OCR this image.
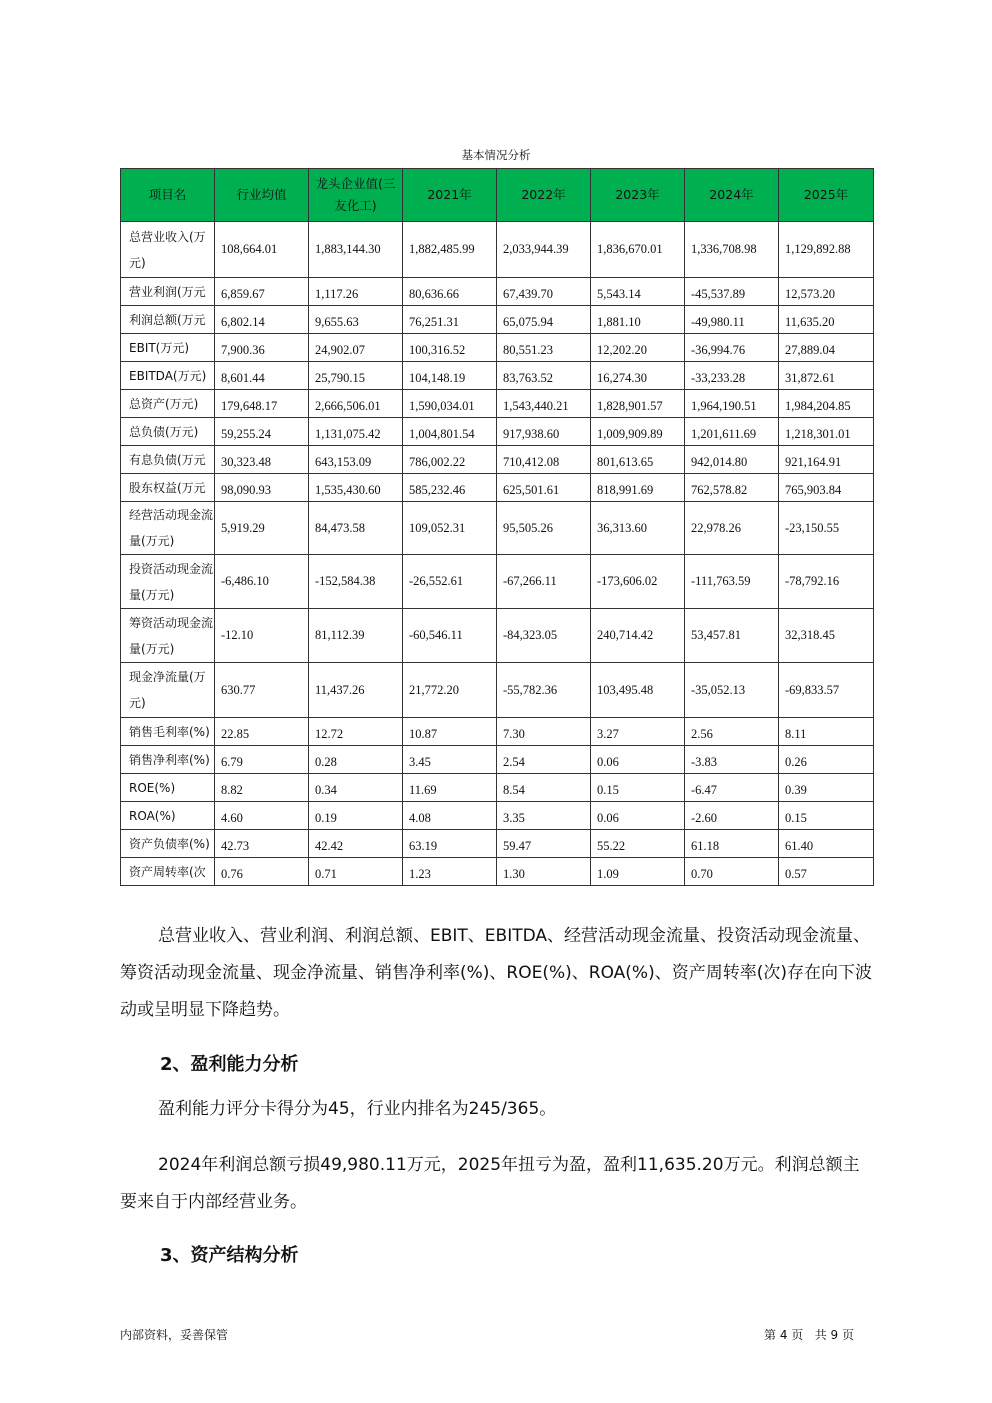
基本情况分析
项目名	行业均值	龙头企业值(三友化工)	2021年	2022年	2023年	2024年	2025年
总营业收入(万元)	108,664.01	1,883,144.30	1,882,485.99	2,033,944.39	1,836,670.01	1,336,708.98	1,129,892.88
营业利润(万元	6,859.67	1,117.26	80,636.66	67,439.70	5,543.14	-45,537.89	12,573.20
利润总额(万元	6,802.14	9,655.63	76,251.31	65,075.94	1,881.10	-49,980.11	11,635.20
EBIT(万元)	7,900.36	24,902.07	100,316.52	80,551.23	12,202.20	-36,994.76	27,889.04
EBITDA(万元)	8,601.44	25,790.15	104,148.19	83,763.52	16,274.30	-33,233.28	31,872.61
总资产(万元)	179,648.17	2,666,506.01	1,590,034.01	1,543,440.21	1,828,901.57	1,964,190.51	1,984,204.85
总负债(万元)	59,255.24	1,131,075.42	1,004,801.54	917,938.60	1,009,909.89	1,201,611.69	1,218,301.01
有息负债(万元	30,323.48	643,153.09	786,002.22	710,412.08	801,613.65	942,014.80	921,164.91
股东权益(万元	98,090.93	1,535,430.60	585,232.46	625,501.61	818,991.69	762,578.82	765,903.84
经营活动现金流量(万元)	5,919.29	84,473.58	109,052.31	95,505.26	36,313.60	22,978.26	-23,150.55
投资活动现金流量(万元)	-6,486.10	-152,584.38	-26,552.61	-67,266.11	-173,606.02	-111,763.59	-78,792.16
筹资活动现金流量(万元)	-12.10	81,112.39	-60,546.11	-84,323.05	240,714.42	53,457.81	32,318.45
现金净流量(万元)	630.77	11,437.26	21,772.20	-55,782.36	103,495.48	-35,052.13	-69,833.57
销售毛利率(%)	22.85	12.72	10.87	7.30	3.27	2.56	8.11
销售净利率(%)	6.79	0.28	3.45	2.54	0.06	-3.83	0.26
ROE(%)	8.82	0.34	11.69	8.54	0.15	-6.47	0.39
ROA(%)	4.60	0.19	4.08	3.35	0.06	-2.60	0.15
资产负债率(%)	42.73	42.42	63.19	59.47	55.22	61.18	61.40
资产周转率(次	0.76	0.71	1.23	1.30	1.09	0.70	0.57
总营业收入、营业利润、利润总额、EBIT、EBITDA、经营活动现金流量、投资活动现金流量、筹资活动现金流量、现金净流量、销售净利率(%)、ROE(%)、ROA(%)、资产周转率(次)存在向下波动或呈明显下降趋势。
2、盈利能力分析
盈利能力评分卡得分为45，行业内排名为245/365。
2024年利润总额亏损49,980.11万元，2025年扭亏为盈，盈利11,635.20万元。利润总额主要来自于内部经营业务。
3、资产结构分析
内部资料，妥善保管	第 4 页   共 9 页
